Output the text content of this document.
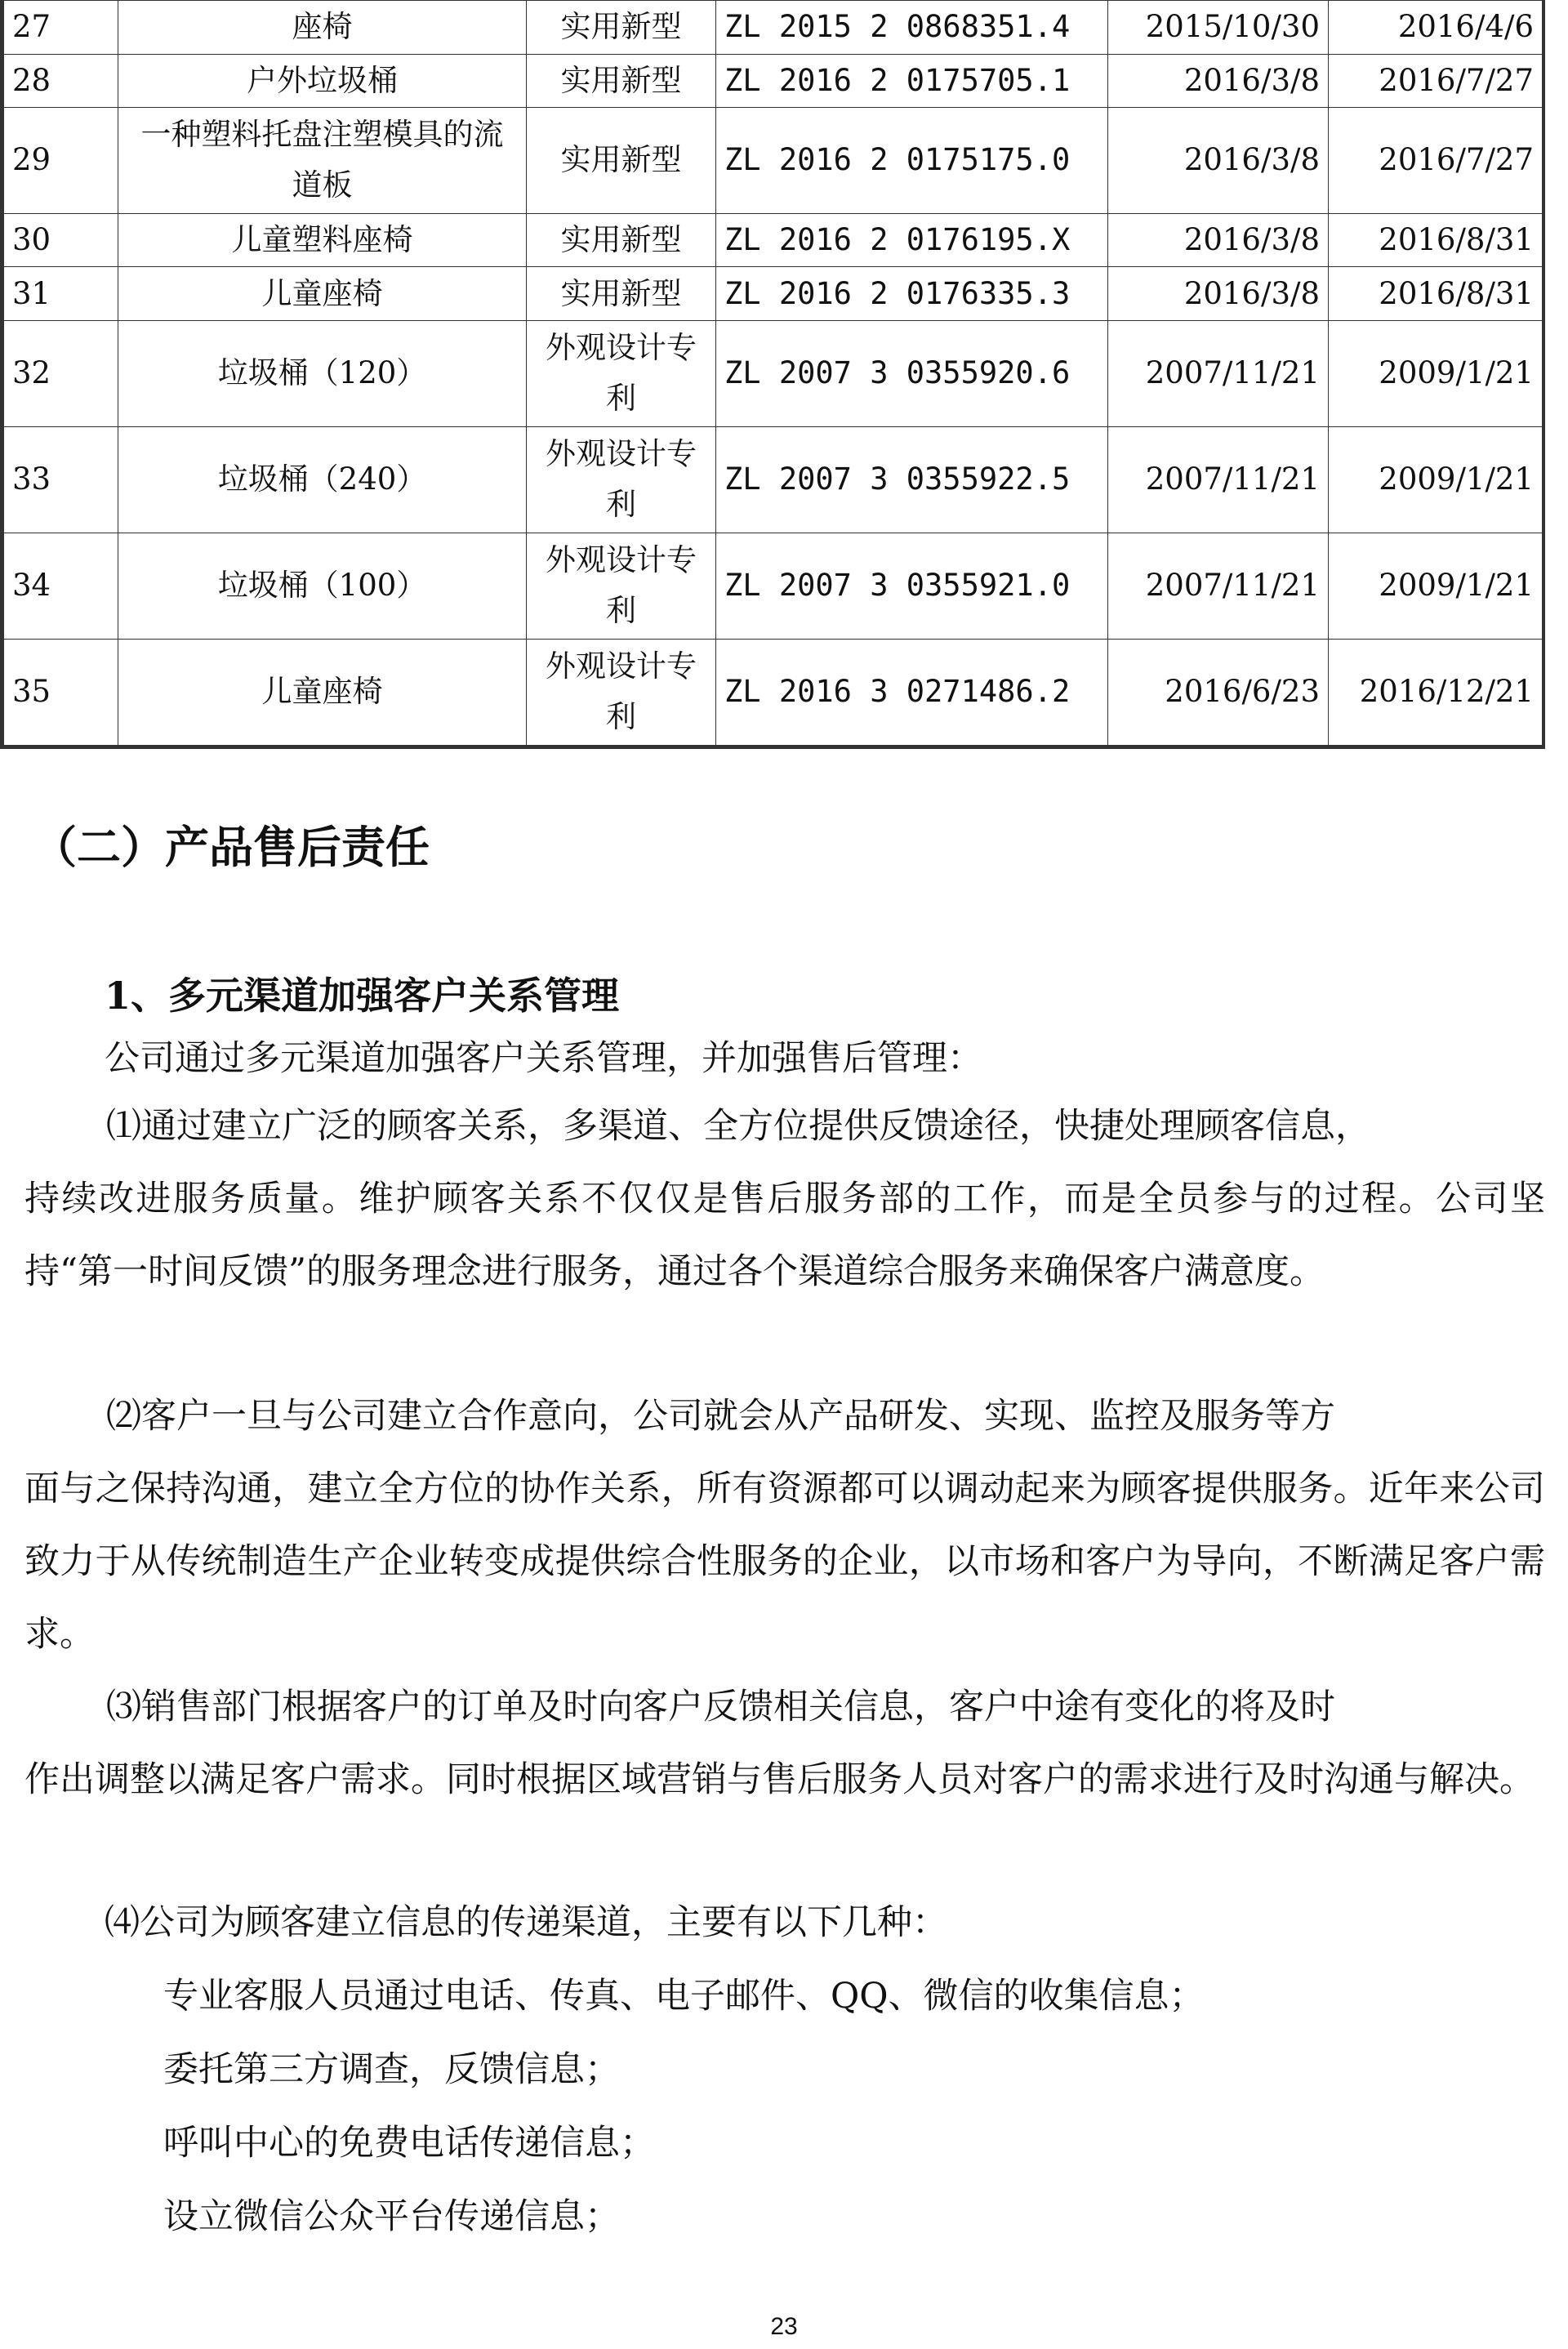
27	座椅	实用新型	ZL 2015 2 0868351.4	2015/10/30	2016/4/6
28	户外垃圾桶	实用新型	ZL 2016 2 0175705.1	2016/3/8	2016/7/27
29	一种塑料托盘注塑模具的流道板	实用新型	ZL 2016 2 0175175.0	2016/3/8	2016/7/27
30	儿童塑料座椅	实用新型	ZL 2016 2 0176195.X	2016/3/8	2016/8/31
31	儿童座椅	实用新型	ZL 2016 2 0176335.3	2016/3/8	2016/8/31
32	垃圾桶（120）	外观设计专利	ZL 2007 3 0355920.6	2007/11/21	2009/1/21
33	垃圾桶（240）	外观设计专利	ZL 2007 3 0355922.5	2007/11/21	2009/1/21
34	垃圾桶（100）	外观设计专利	ZL 2007 3 0355921.0	2007/11/21	2009/1/21
35	儿童座椅	外观设计专利	ZL 2016 3 0271486.2	2016/6/23	2016/12/21
（二）产品售后责任
1、多元渠道加强客户关系管理
公司通过多元渠道加强客户关系管理，并加强售后管理：
⑴通过建立广泛的顾客关系，多渠道、全方位提供反馈途径，快捷处理顾客信息，
持续改进服务质量。维护顾客关系不仅仅是售后服务部的工作，而是全员参与的过程。公司坚持“第一时间反馈”的服务理念进行服务，通过各个渠道综合服务来确保客户满意度。
⑵客户一旦与公司建立合作意向，公司就会从产品研发、实现、监控及服务等方
面与之保持沟通，建立全方位的协作关系，所有资源都可以调动起来为顾客提供服务。近年来公司致力于从传统制造生产企业转变成提供综合性服务的企业，以市场和客户为导向，不断满足客户需求。
⑶销售部门根据客户的订单及时向客户反馈相关信息，客户中途有变化的将及时
作出调整以满足客户需求。同时根据区域营销与售后服务人员对客户的需求进行及时沟通与解决。
⑷公司为顾客建立信息的传递渠道，主要有以下几种：
专业客服人员通过电话、传真、电子邮件、QQ、微信的收集信息；
委托第三方调查，反馈信息；
呼叫中心的免费电话传递信息；
设立微信公众平台传递信息；
23
